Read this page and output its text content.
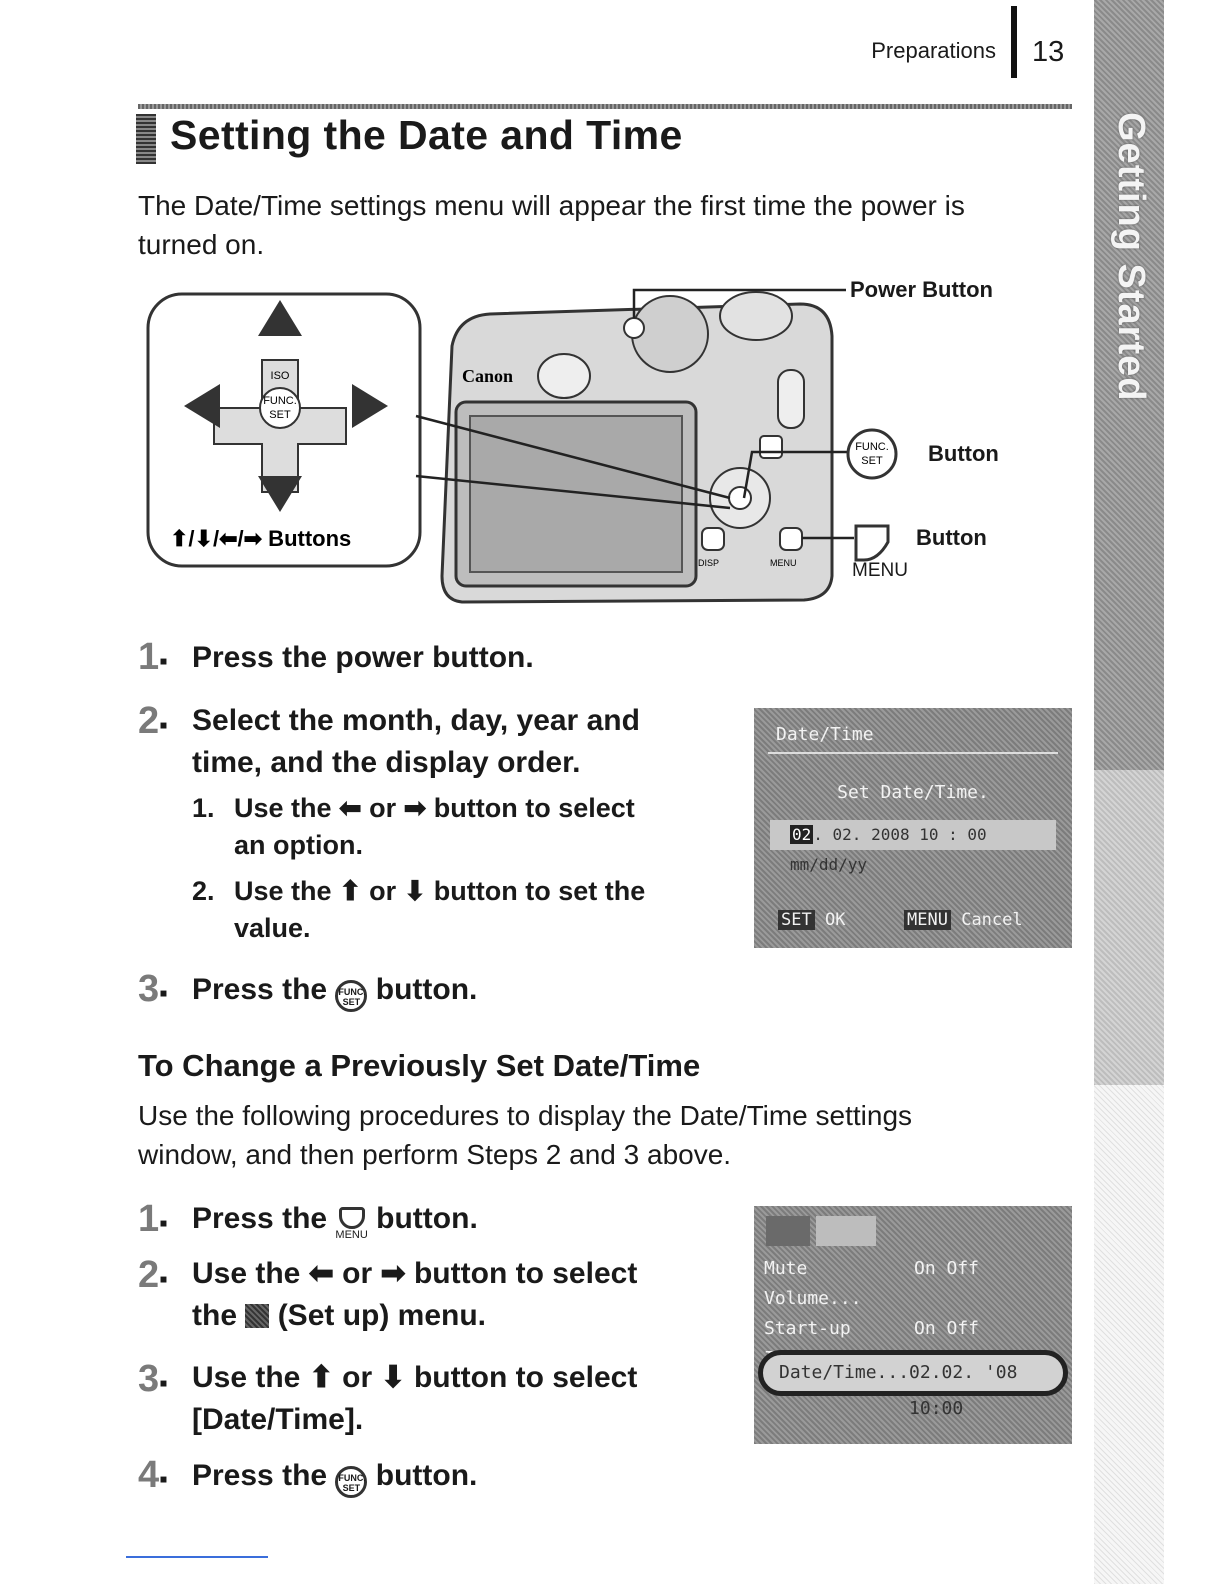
Preparations 13
Getting Started
Setting the Date and Time
The Date/Time settings menu will appear the first time the power is
turned on.
FUNC.
SET
ISO
⬆/⬇/⬅/➡ Buttons
Canon
DISP	MENU
FUNC.
SET
Power Button
Button
Button
MENU
1▪ Press the power button.
2▪ Select the month, day, year and
time, and the display order.
1. Use the ⬅ or ➡ button to select
an option.
2. Use the ⬆ or ⬇ button to set the
value.
3▪ Press the FUNC.
SET button.
Date/Time
Set Date/Time.
02 . 02. 2008 10 : 00 mm/dd/yy
SET OK	MENU Cancel
To Change a Previously Set Date/Time
Use the following procedures to display the Date/Time settings
window, and then perform Steps 2 and 3 above.
1▪ Press the MENU button.
2▪ Use the ⬅ or ➡ button to select
the (Set up) menu.
3▪ Use the ⬆ or ⬇ button to select
[Date/Time].
4▪ Press the FUNC.
SET button.
Mute	On Off
Volume...
Start-up	On Off
Date/Time... 02.02. '08 10:00
